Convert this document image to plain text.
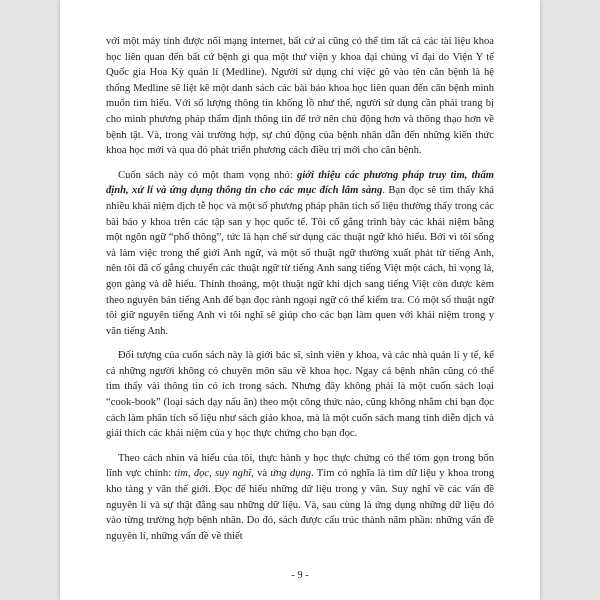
với một máy tính được nối mạng internet, bất cứ ai cũng có thể tìm tất cả các tài liệu khoa học liên quan đến bất cứ bệnh gì qua một thư viện y khoa đại chúng vĩ đại do Viện Y tế Quốc gia Hoa Kỳ quản lí (Medline). Người sử dụng chỉ việc gõ vào tên căn bệnh là hệ thống Medline sẽ liệt kê một danh sách các bài báo khoa học liên quan đến căn bệnh mình muốn tìm hiểu. Với số lượng thông tin khổng lồ như thế, người sử dụng cần phải trang bị cho mình phương pháp thẩm định thông tin để trở nên chủ động hơn và thông thạo hơn về bệnh tật. Và, trong vài trường hợp, sự chủ động của bệnh nhân dẫn đến những kiến thức khoa học mới và qua đó phát triển phương cách điều trị mới cho căn bệnh.

Cuốn sách này có một tham vọng nhỏ: giới thiệu các phương pháp truy tìm, thẩm định, xử lí và ứng dụng thông tin cho các mục đích lâm sàng. Bạn đọc sẽ tìm thấy khá nhiều khái niệm dịch tễ học và một số phương pháp phân tích số liệu thường thấy trong các bài báo y khoa trên các tập san y học quốc tế. Tôi cố gắng trình bày các khái niệm bằng một ngôn ngữ “phổ thông”, tức là hạn chế sử dụng các thuật ngữ khó hiểu. Bởi vì tôi sống và làm việc trong thế giới Anh ngữ, và một số thuật ngữ thường xuất phát từ tiếng Anh, nên tôi đã cố gắng chuyển các thuật ngữ từ tiếng Anh sang tiếng Việt một cách, hi vọng là, gọn gàng và dễ hiểu. Thỉnh thoảng, một thuật ngữ khi dịch sang tiếng Việt còn được kèm theo nguyên bản tiếng Anh để bạn đọc rành ngoại ngữ có thể kiểm tra. Có một số thuật ngữ tôi giữ nguyên tiếng Anh vì tôi nghĩ sẽ giúp cho các bạn làm quen với khái niệm trong y văn tiếng Anh.

Đối tượng của cuốn sách này là giới bác sĩ, sinh viên y khoa, và các nhà quản lí y tế, kể cả những người không có chuyên môn sâu về khoa học. Ngay cả bệnh nhân cũng có thể tìm thấy vài thông tin có ích trong sách. Nhưng đây không phải là một cuốn sách loại “cook-book” (loại sách dạy nấu ăn) theo một công thức nào, cũng không nhằm chỉ bạn đọc cách làm phân tích số liệu như sách giáo khoa, mà là một cuốn sách mang tính diễn dịch và giải thích các khái niệm của y học thực chứng cho bạn đọc.

Theo cách nhìn và hiểu của tôi, thực hành y học thực chứng có thể tóm gọn trong bốn lĩnh vực chính: tìm, đọc, suy nghĩ, và ứng dụng. Tìm có nghĩa là tìm dữ liệu y khoa trong kho tàng y văn thế giới. Đọc để hiểu những dữ liệu trong y văn. Suy nghĩ về các vấn đề nguyên lí và sự thật đằng sau những dữ liệu. Và, sau cùng là ứng dụng những dữ liệu đó vào từng trường hợp bệnh nhân. Do đó, sách được cấu trúc thành năm phần: những vấn đề nguyên lí, những vấn đề về thiết

- 9 -
